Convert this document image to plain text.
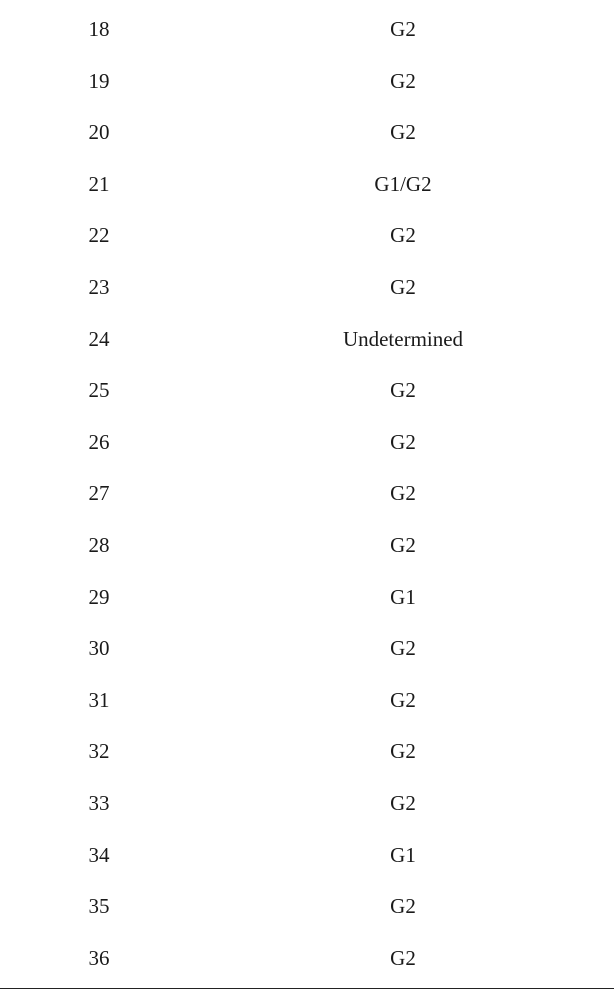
18	G2
19	G2
20	G2
21	G1/G2
22	G2
23	G2
24	Undetermined
25	G2
26	G2
27	G2
28	G2
29	G1
30	G2
31	G2
32	G2
33	G2
34	G1
35	G2
36	G2
